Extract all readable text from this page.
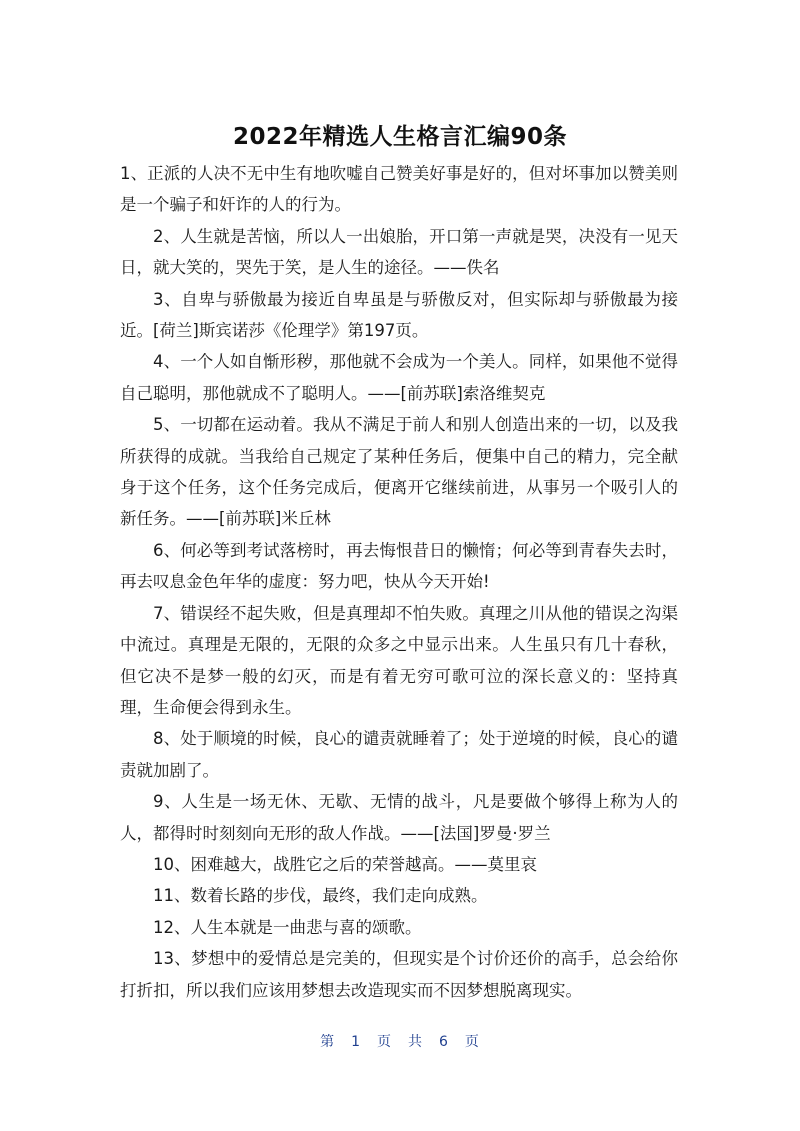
2022年精选人生格言汇编90条

1、正派的人决不无中生有地吹嘘自己赞美好事是好的，但对坏事加以赞美则是一个骗子和奸诈的人的行为。

2、人生就是苦恼，所以人一出娘胎，开口第一声就是哭，决没有一见天日，就大笑的，哭先于笑，是人生的途径。——佚名

3、自卑与骄傲最为接近自卑虽是与骄傲反对，但实际却与骄傲最为接近。[荷兰]斯宾诺莎《伦理学》第197页。

4、一个人如自惭形秽，那他就不会成为一个美人。同样，如果他不觉得自己聪明，那他就成不了聪明人。——[前苏联]索洛维契克

5、一切都在运动着。我从不满足于前人和别人创造出来的一切，以及我所获得的成就。当我给自己规定了某种任务后，便集中自己的精力，完全献身于这个任务，这个任务完成后，便离开它继续前进，从事另一个吸引人的新任务。——[前苏联]米丘林

6、何必等到考试落榜时，再去悔恨昔日的懒惰；何必等到青春失去时，再去叹息金色年华的虚度：努力吧，快从今天开始!

7、错误经不起失败，但是真理却不怕失败。真理之川从他的错误之沟渠中流过。真理是无限的，无限的众多之中显示出来。人生虽只有几十春秋，但它决不是梦一般的幻灭，而是有着无穷可歌可泣的深长意义的：坚持真理，生命便会得到永生。

8、处于顺境的时候，良心的谴责就睡着了；处于逆境的时候，良心的谴责就加剧了。

9、人生是一场无休、无歇、无情的战斗，凡是要做个够得上称为人的人，都得时时刻刻向无形的敌人作战。——[法国]罗曼·罗兰

10、困难越大，战胜它之后的荣誉越高。——莫里哀

11、数着长路的步伐，最终，我们走向成熟。

12、人生本就是一曲悲与喜的颂歌。

13、梦想中的爱情总是完美的，但现实是个讨价还价的高手，总会给你打折扣，所以我们应该用梦想去改造现实而不因梦想脱离现实。

第 1 页 共 6 页
